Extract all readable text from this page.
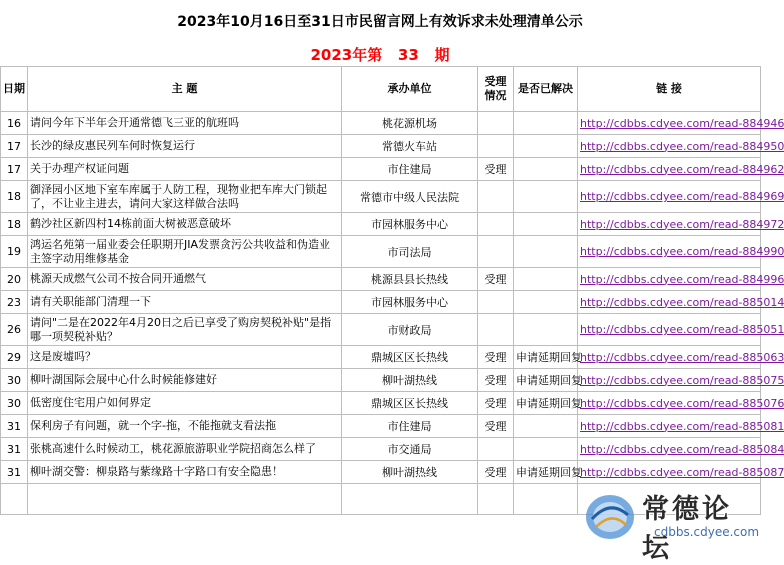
2023年10月16日至31日市民留言网上有效诉求未处理清单公示
2023年第 33 期
日期	主 题	承办单位	受理情况	是否已解决	链 接
16	请问今年下半年会开通常德飞三亚的航班吗	桃花源机场			http://cdbbs.cdyee.com/read-884946
17	长沙的绿皮惠民列车何时恢复运行	常德火车站			http://cdbbs.cdyee.com/read-884950
17	关于办理产权证问题	市住建局	受理		http://cdbbs.cdyee.com/read-884962
18	御泽园小区地下室车库属于人防工程，现物业把车库大门锁起了，不让业主进去，请问大家这样做合法吗	常德市中级人民法院			http://cdbbs.cdyee.com/read-884969
18	鹤沙社区新四村14栋前面大树被恶意破坏	市园林服务中心			http://cdbbs.cdyee.com/read-884972
19	鸿运名苑第一届业委会任职期开JIA发票贪污公共收益和伪造业主签字动用维修基金	市司法局			http://cdbbs.cdyee.com/read-884990
20	桃源天成燃气公司不按合同开通燃气	桃源县县长热线	受理		http://cdbbs.cdyee.com/read-884996
23	请有关职能部门清理一下	市园林服务中心			http://cdbbs.cdyee.com/read-885014
26	请问"二是在2022年4月20日之后已享受了购房契税补贴"是指哪一项契税补贴？	市财政局			http://cdbbs.cdyee.com/read-885051
29	这是废墟吗？	鼎城区区长热线	受理	申请延期回复	http://cdbbs.cdyee.com/read-885063
30	柳叶湖国际会展中心什么时候能修建好	柳叶湖热线	受理	申请延期回复	http://cdbbs.cdyee.com/read-885075
30	低密度住宅用户如何界定	鼎城区区长热线	受理	申请延期回复	http://cdbbs.cdyee.com/read-885076
31	保利房子有问题，就一个字-拖，不能拖就支看法拖	市住建局	受理		http://cdbbs.cdyee.com/read-885081
31	张桃高速什么时候动工，桃花源旅游职业学院招商怎么样了	市交通局			http://cdbbs.cdyee.com/read-885084
31	柳叶湖交警：柳泉路与紫缘路十字路口有安全隐患！	柳叶湖热线	受理	申请延期回复	http://cdbbs.cdyee.com/read-885087

常德论坛
cdbbs.cdyee.com
